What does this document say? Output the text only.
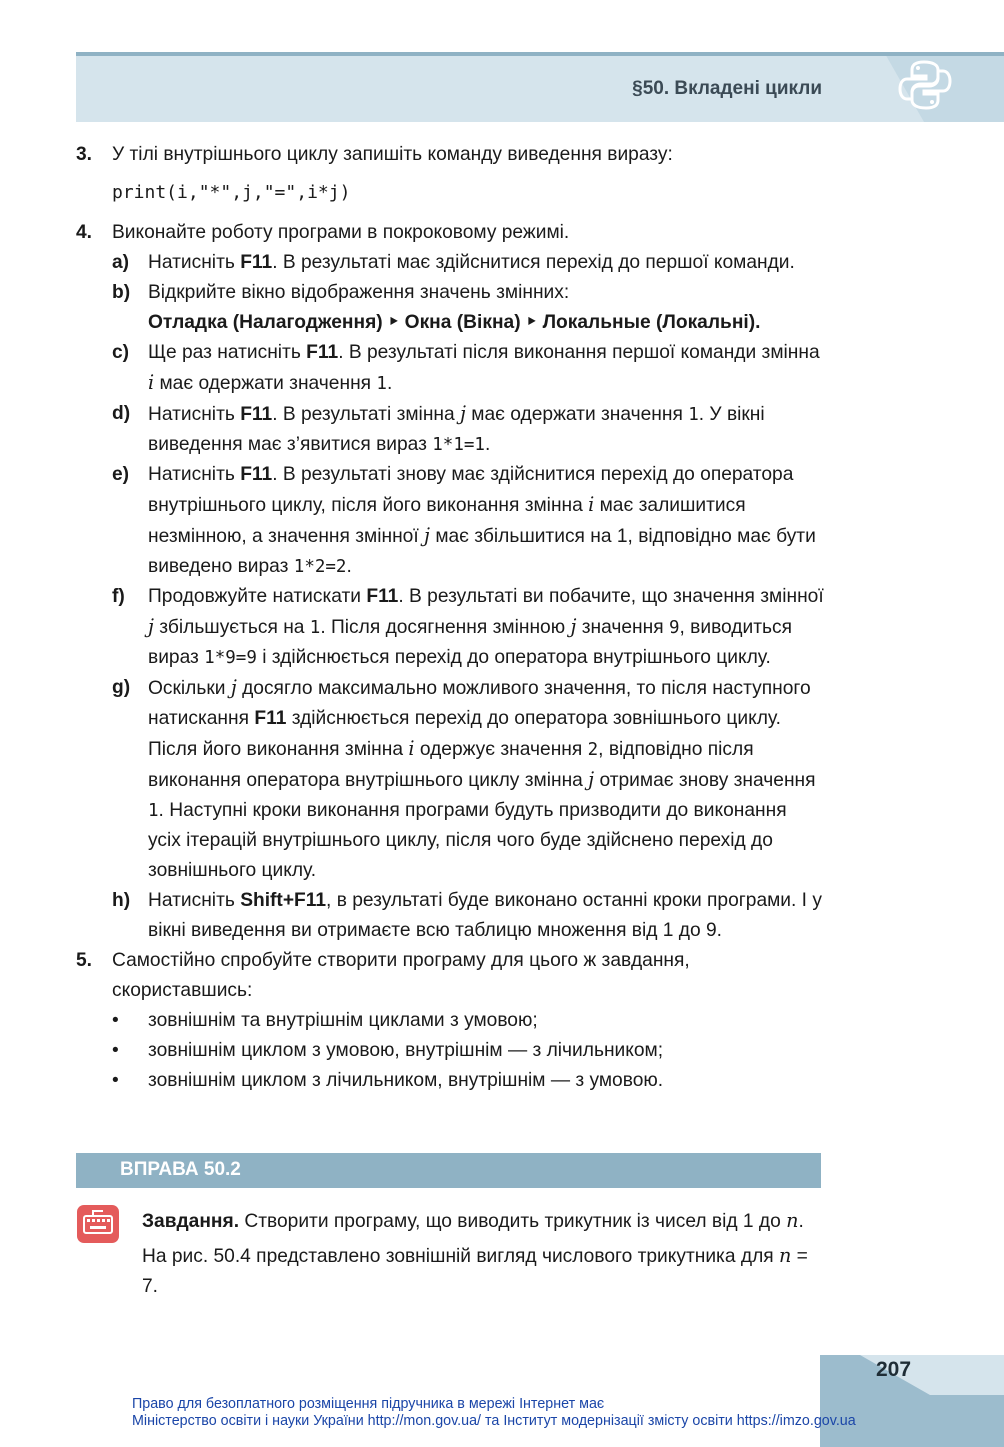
§50. Вкладені цикли
3. У тілі внутрішнього циклу запишіть команду виведення виразу:
print(i,"*",j,"=",i*j)
4. Виконайте роботу програми в покроковому режимі.
a) Натисніть F11. В результаті має здійснитися перехід до першої команди.
b) Відкрийте вікно відображення значень змінних:
Отладка (Налагодження) ‣ Окна (Вікна) ‣ Локальные (Локальні).
c) Ще раз натисніть F11. В результаті після виконання першої команди змінна i має одержати значення 1.
d) Натисніть F11. В результаті змінна j має одержати значення 1. У вікні виведення має з’явитися вираз 1*1=1.
e) Натисніть F11. В результаті знову має здійснитися перехід до оператора внутрішнього циклу, після його виконання змінна i має залишитися незмінною, а значення змінної j має збільшитися на 1, відповідно має бути виведено вираз 1*2=2.
f) Продовжуйте натискати F11. В результаті ви побачите, що значення змінної j збільшується на 1. Після досягнення змінною j значення 9, виводиться вираз 1*9=9 і здійснюється перехід до оператора внутрішнього циклу.
g) Оскільки j досягло максимально можливого значення, то після наступного натискання F11 здійснюється перехід до оператора зовнішнього циклу. Після його виконання змінна i одержує значення 2, відповідно після виконання оператора внутрішнього циклу змінна j отримає знову значення 1. Наступні кроки виконання програми будуть призводити до виконання усіх ітерацій внутрішнього циклу, після чого буде здійснено перехід до зовнішнього циклу.
h) Натисніть Shift+F11, в результаті буде виконано останні кроки програми. І у вікні виведення ви отримаєте всю таблицю множення від 1 до 9.
5. Самостійно спробуйте створити програму для цього ж завдання, скориставшись:
• зовнішнім та внутрішнім циклами з умовою;
• зовнішнім циклом з умовою, внутрішнім — з лічильником;
• зовнішнім циклом з лічильником, внутрішнім — з умовою.
ВПРАВА 50.2
Завдання. Створити програму, що виводить трикутник із чисел від 1 до n.
На рис. 50.4 представлено зовнішній вигляд числового трикутника для n = 7.
207
Право для безоплатного розміщення підручника в мережі Інтернет має
Міністерство освіти і науки України http://mon.gov.ua/ та Інститут модернізації змісту освіти https://imzo.gov.ua
